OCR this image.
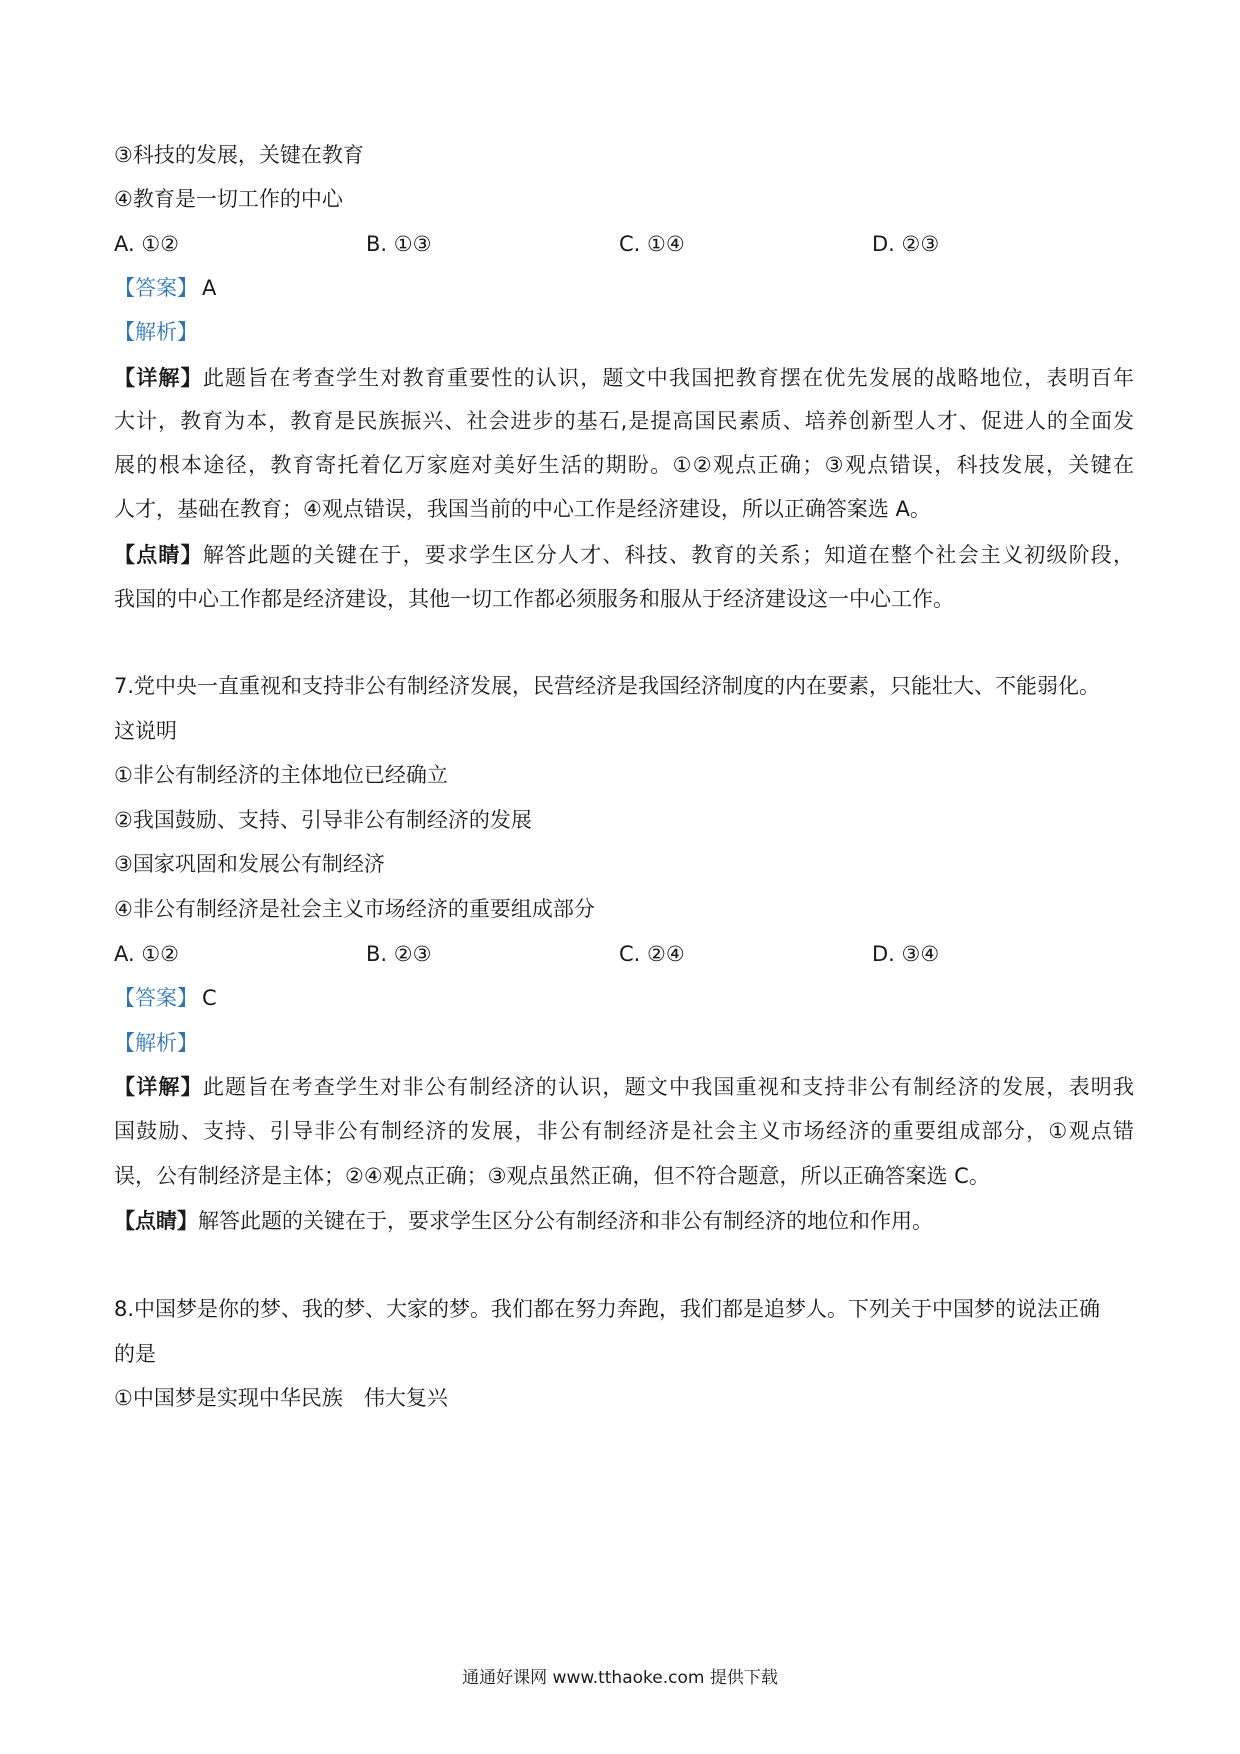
③科技的发展，关键在教育
④教育是一切工作的中心
A. ①②	B. ①③	C. ①④	D. ②③
【答案】 A
【解析】
【详解】此题旨在考查学生对教育重要性的认识，题文中我国把教育摆在优先发展的战略地位，表明百年
大计，教育为本，教育是民族振兴、社会进步的基石,是提高国民素质、培养创新型人才、促进人的全面发
展的根本途径，教育寄托着亿万家庭对美好生活的期盼。①②观点正确；③观点错误，科技发展，关键在
人才，基础在教育；④观点错误，我国当前的中心工作是经济建设，所以正确答案选 A。
【点睛】解答此题的关键在于，要求学生区分人才、科技、教育的关系；知道在整个社会主义初级阶段，
我国的中心工作都是经济建设，其他一切工作都必须服务和服从于经济建设这一中心工作。
7.党中央一直重视和支持非公有制经济发展，民营经济是我国经济制度的内在要素，只能壮大、不能弱化。
这说明
①非公有制经济的主体地位已经确立
②我国鼓励、支持、引导非公有制经济的发展
③国家巩固和发展公有制经济
④非公有制经济是社会主义市场经济的重要组成部分
A. ①②	B. ②③	C. ②④	D. ③④
【答案】 C
【解析】
【详解】此题旨在考查学生对非公有制经济的认识，题文中我国重视和支持非公有制经济的发展，表明我
国鼓励、支持、引导非公有制经济的发展，非公有制经济是社会主义市场经济的重要组成部分，①观点错
误，公有制经济是主体；②④观点正确；③观点虽然正确，但不符合题意，所以正确答案选 C。
【点睛】解答此题的关键在于，要求学生区分公有制经济和非公有制经济的地位和作用。
8.中国梦是你的梦、我的梦、大家的梦。我们都在努力奔跑，我们都是追梦人。下列关于中国梦的说法正确
的是
①中国梦是实现中华民族　伟大复兴
通通好课网 www.tthaoke.com 提供下载
